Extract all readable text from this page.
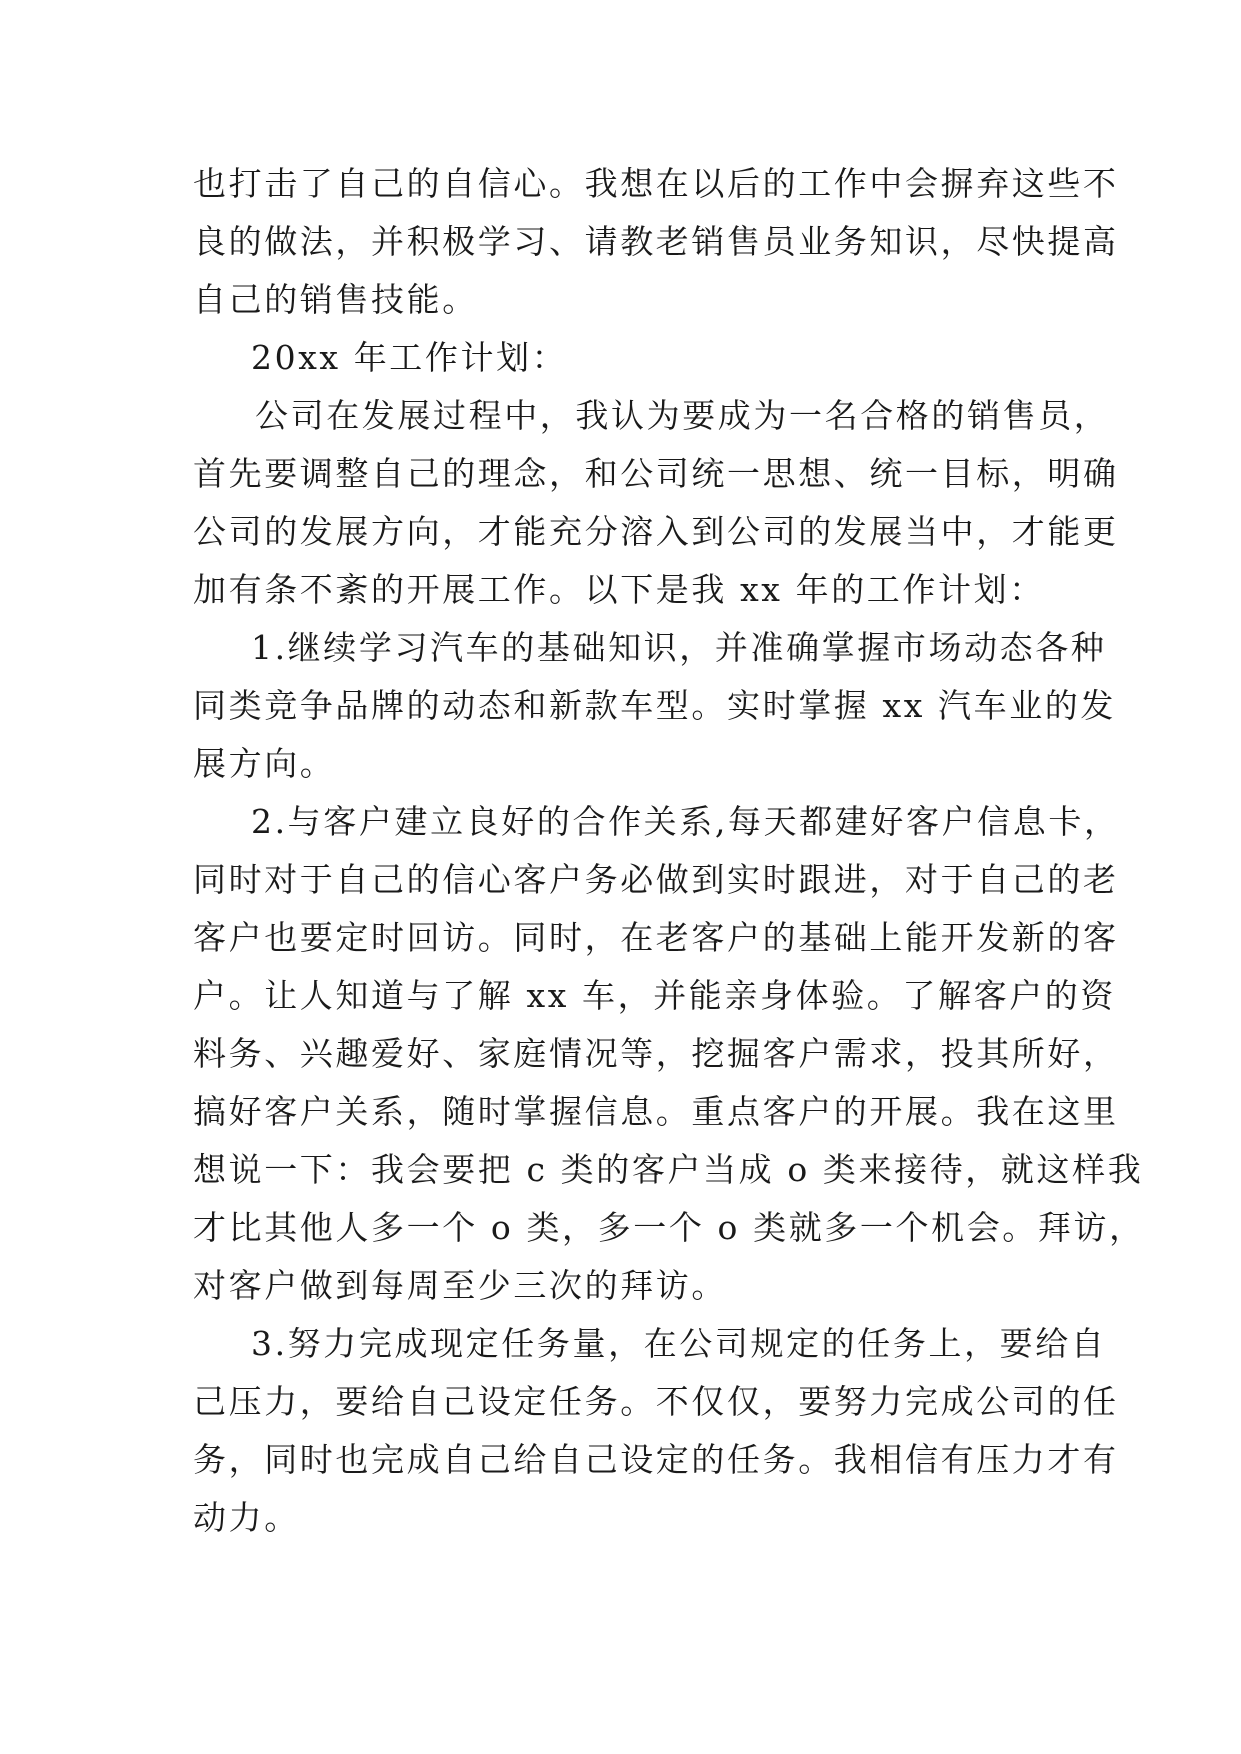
也打击了自己的自信心。我想在以后的工作中会摒弃这些不
良的做法，并积极学习、请教老销售员业务知识，尽快提高
自己的销售技能。
20xx 年工作计划：
公司在发展过程中，我认为要成为一名合格的销售员，
首先要调整自己的理念，和公司统一思想、统一目标，明确
公司的发展方向，才能充分溶入到公司的发展当中，才能更
加有条不紊的开展工作。以下是我 xx 年的工作计划：
1.继续学习汽车的基础知识，并准确掌握市场动态各种
同类竞争品牌的动态和新款车型。实时掌握 xx 汽车业的发
展方向。
2.与客户建立良好的合作关系,每天都建好客户信息卡，
同时对于自己的信心客户务必做到实时跟进，对于自己的老
客户也要定时回访。同时，在老客户的基础上能开发新的客
户。让人知道与了解 xx 车，并能亲身体验。了解客户的资
料务、兴趣爱好、家庭情况等，挖掘客户需求，投其所好，
搞好客户关系，随时掌握信息。重点客户的开展。我在这里
想说一下：我会要把 c 类的客户当成 o 类来接待，就这样我
才比其他人多一个 o 类，多一个 o 类就多一个机会。拜访，
对客户做到每周至少三次的拜访。
3.努力完成现定任务量，在公司规定的任务上，要给自
己压力，要给自己设定任务。不仅仅，要努力完成公司的任
务，同时也完成自己给自己设定的任务。我相信有压力才有
动力。
